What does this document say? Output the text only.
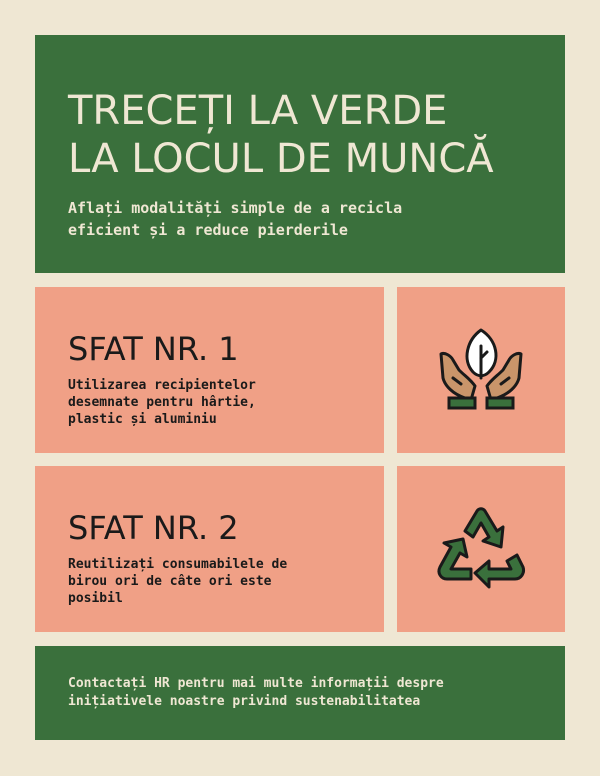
TRECEȚI LA VERDE
LA LOCUL DE MUNCĂ

Aflați modalități simple de a recicla
eficient și a reduce pierderile

SFAT NR. 1

Utilizarea recipientelor
desemnate pentru hârtie,
plastic și aluminiu

SFAT NR. 2

Reutilizați consumabilele de
birou ori de câte ori este
posibil

Contactați HR pentru mai multe informații despre
inițiativele noastre privind sustenabilitatea
